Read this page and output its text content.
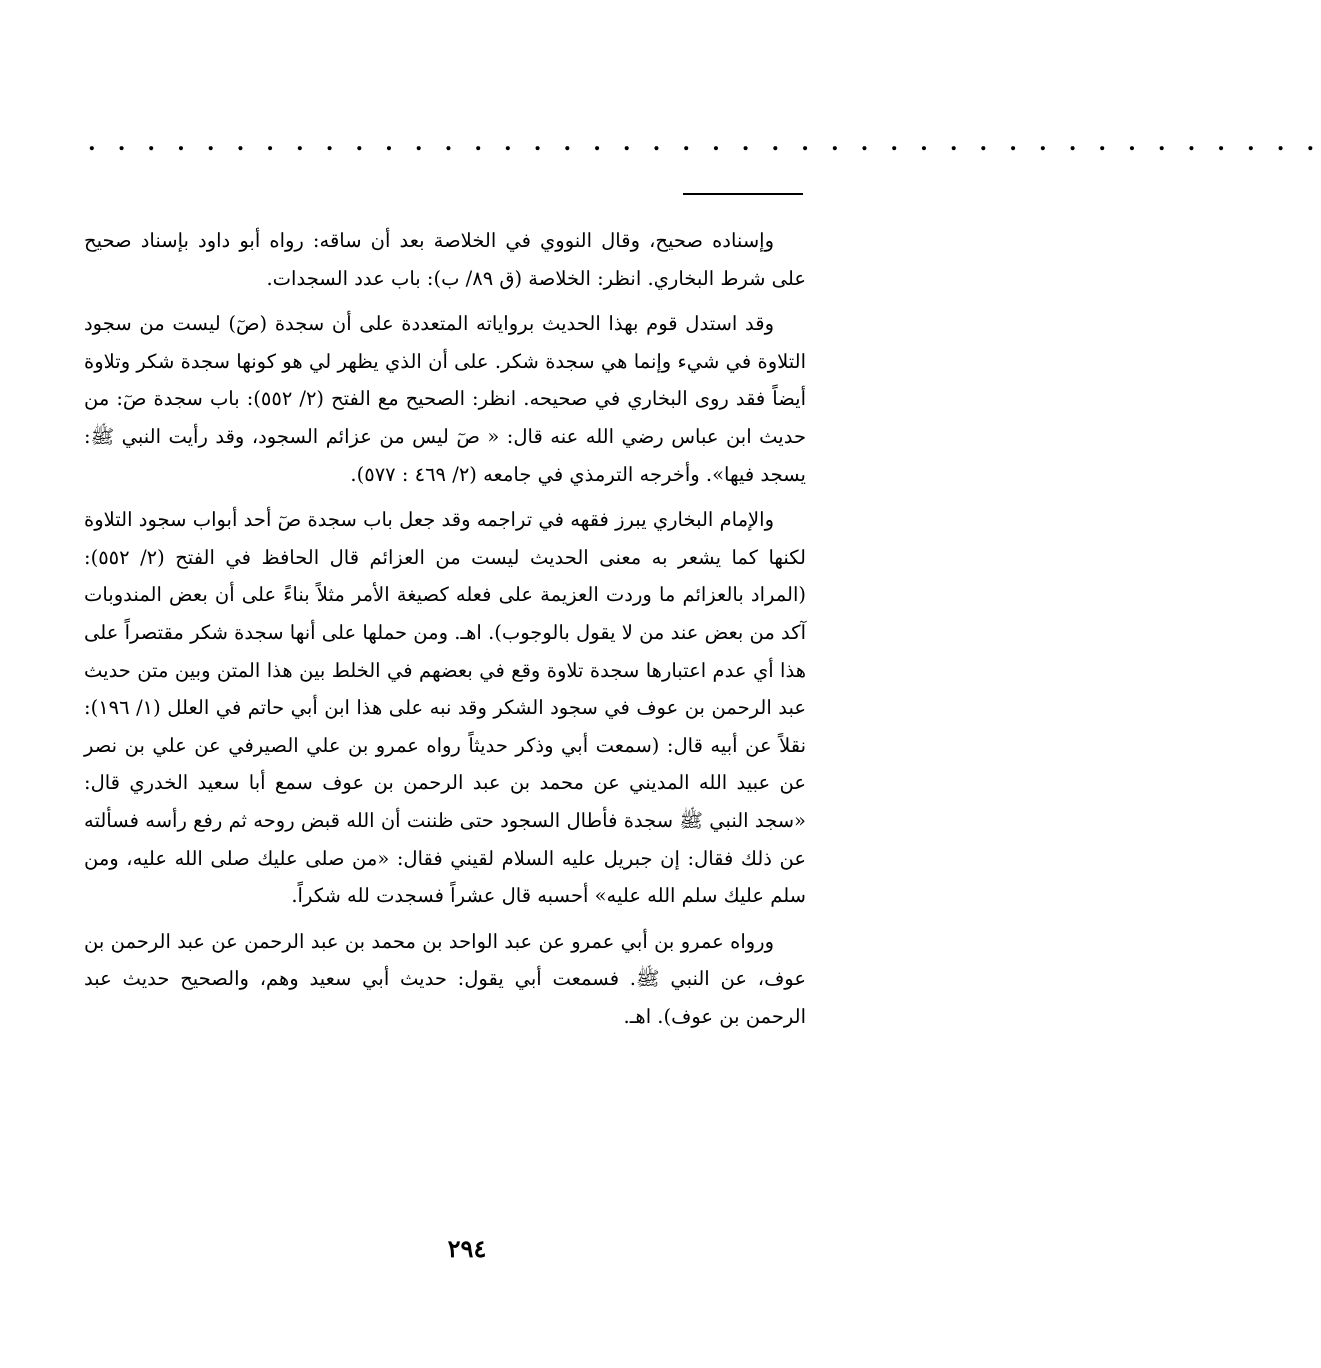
. . . . . . . . . . . . . . . . . . . . . . . . . . . . . . . . . . . . . . . . . .

وإسناده صحيح، وقال النووي في الخلاصة بعد أن ساقه: رواه أبو داود بإسناد صحيح على شرط البخاري. انظر: الخلاصة (ق ٨٩/ ب): باب عدد السجدات.

وقد استدل قوم بهذا الحديث برواياته المتعددة على أن سجدة (صٓ) ليست من سجود التلاوة في شيء وإنما هي سجدة شكر. على أن الذي يظهر لي هو كونها سجدة شكر وتلاوة أيضاً فقد روى البخاري في صحيحه. انظر: الصحيح مع الفتح (٢/ ٥٥٢): باب سجدة صٓ: من حديث ابن عباس رضي الله عنه قال: « صٓ ليس من عزائم السجود، وقد رأيت النبي ﷺ: يسجد فيها». وأخرجه الترمذي في جامعه (٢/ ٤٦٩ : ٥٧٧).

والإمام البخاري يبرز فقهه في تراجمه وقد جعل باب سجدة صٓ أحد أبواب سجود التلاوة لكنها كما يشعر به معنى الحديث ليست من العزائم قال الحافظ في الفتح (٢/ ٥٥٢): (المراد بالعزائم ما وردت العزيمة على فعله كصيغة الأمر مثلاً بناءً على أن بعض المندوبات آكد من بعض عند من لا يقول بالوجوب). اهـ. ومن حملها على أنها سجدة شكر مقتصراً على هذا أي عدم اعتبارها سجدة تلاوة وقع في بعضهم في الخلط بين هذا المتن وبين متن حديث عبد الرحمن بن عوف في سجود الشكر وقد نبه على هذا ابن أبي حاتم في العلل (١/ ١٩٦): نقلاً عن أبيه قال: (سمعت أبي وذكر حديثاً رواه عمرو بن علي الصيرفي عن علي بن نصر عن عبيد الله المديني عن محمد بن عبد الرحمن بن عوف سمع أبا سعيد الخدري قال: «سجد النبي ﷺ سجدة فأطال السجود حتى ظننت أن الله قبض روحه ثم رفع رأسه فسألته عن ذلك فقال: إن جبريل عليه السلام لقيني فقال: «من صلى عليك صلى الله عليه، ومن سلم عليك سلم الله عليه» أحسبه قال عشراً فسجدت لله شكراً.

ورواه عمرو بن أبي عمرو عن عبد الواحد بن محمد بن عبد الرحمن عن عبد الرحمن بن عوف، عن النبي ﷺ. فسمعت أبي يقول: حديث أبي سعيد وهم، والصحيح حديث عبد الرحمن بن عوف). اهـ.

٢٩٤
